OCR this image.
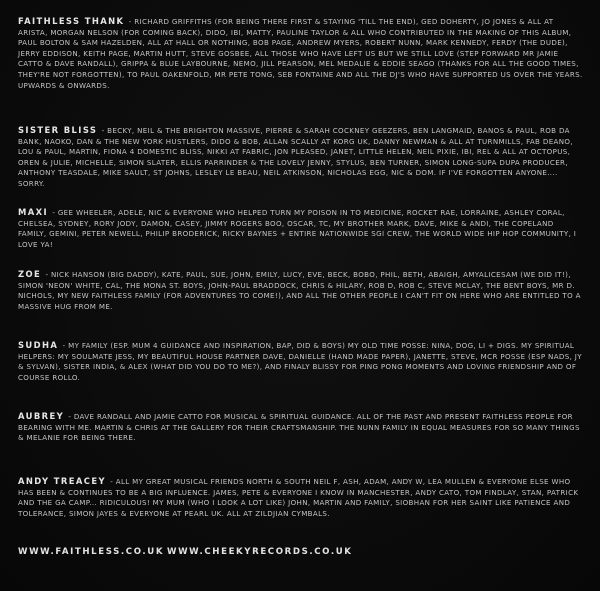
FAITHLESS THANK - RICHARD GRIFFITHS (FOR BEING THERE FIRST & STAYING 'TILL THE END), GED DOHERTY, JO JONES & ALL AT ARISTA, MORGAN NELSON (FOR COMING BACK), DIDO, IBI, MATTY, PAULINE TAYLOR & ALL WHO CONTRIBUTED IN THE MAKING OF THIS ALBUM, PAUL BOLTON & SAM HAZELDEN, ALL AT HALL OR NOTHING, BOB PAGE, ANDREW MYERS, ROBERT NUNN, MARK KENNEDY, FERDY (THE DUDE), JERRY EDDISON, KEITH PAGE, MARTIN HUTT, STEVE GOSBEE, ALL THOSE WHO HAVE LEFT US BUT WE STILL LOVE (STEP FORWARD MR JAMIE CATTO & DAVE RANDALL), GRIPPA & BLUE LAYBOURNE, NEMO, JILL PEARSON, MEL MEDALIE & EDDIE SEAGO (THANKS FOR ALL THE GOOD TIMES, THEY'RE NOT FORGOTTEN), TO PAUL OAKENFOLD, MR PETE TONG, SEB FONTAINE AND ALL THE DJ'S WHO HAVE SUPPORTED US OVER THE YEARS. UPWARDS & ONWARDS.

SISTER BLISS - BECKY, NEIL & THE BRIGHTON MASSIVE, PIERRE & SARAH COCKNEY GEEZERS, BEN LANGMAID, BANOS & PAUL, ROB DA BANK, NAOKO, DAN & THE NEW YORK HUSTLERS, DIDO & BOB, ALLAN SCALLY AT KORG UK, DANNY NEWMAN & ALL AT TURNMILLS, FAB DEANO, LOU & PAUL, MARTIN, FIONA 4 DOMESTIC BLISS, NIKKI AT FABRIC, JON PLEASED, JANET, LITTLE HELEN, NEIL PIXIE, IBI, REL & ALL AT OCTOPUS, OREN & JULIE, MICHELLE, SIMON SLATER, ELLIS PARRINDER & THE LOVELY JENNY, STYLUS, BEN TURNER, SIMON LONG-SUPA DUPA PRODUCER, ANTHONY TEASDALE, MIKE SAULT, ST JOHNS, LESLEY LE BEAU, NEIL ATKINSON, NICHOLAS EGG, NIC & DOM. IF I'VE FORGOTTEN ANYONE.... SORRY.

MAXI - GEE WHEELER, ADELE, NIC & EVERYONE WHO HELPED TURN MY POISON IN TO MEDICINE, ROCKET RAE, LORRAINE, ASHLEY CORAL, CHELSEA, SYDNEY, RORY JODY, DAMON, CASEY, JIMMY ROGERS BOO, OSCAR, TC, MY BROTHER MARK, DAVE, MIKE & ANDI, THE COPELAND FAMILY, GEMINI, PETER NEWELL, PHILIP BRODERICK, RICKY BAYNES + ENTIRE NATIONWIDE SGI CREW, THE WORLD WIDE HIP HOP COMMUNITY, I LOVE YA!

ZOE - NICK HANSON (BIG DADDY), KATE, PAUL, SUE, JOHN, EMILY, LUCY, EVE, BECK, BOBO, PHIL, BETH, ABAIGH, AMYALICESAM (WE DID IT!), SIMON 'NEON' WHITE, CAL, THE MONA ST. BOYS, JOHN-PAUL BRADDOCK, CHRIS & HILARY, ROB D, ROB C, STEVE MCLAY, THE BENT BOYS, MR D. NICHOLS, MY NEW FAITHLESS FAMILY (FOR ADVENTURES TO COME!), AND ALL THE OTHER PEOPLE I CAN'T FIT ON HERE WHO ARE ENTITLED TO A MASSIVE HUG FROM ME.

SUDHA - MY FAMILY (ESP. MUM 4 GUIDANCE AND INSPIRATION, BAP, DID & BOYS) MY OLD TIME POSSE: NINA, DOG, LI + DIGS. MY SPIRITUAL HELPERS: MY SOULMATE JESS, MY BEAUTIFUL HOUSE PARTNER DAVE, DANIELLE (HAND MADE PAPER), JANETTE, STEVE, MCR POSSE (ESP NADS, JY & SYLVAN), SISTER INDIA, & ALEX (WHAT DID YOU DO TO ME?), AND FINALY BLISSY FOR PING PONG MOMENTS AND LOVING FRIENDSHIP AND OF COURSE ROLLO.

AUBREY - DAVE RANDALL AND JAMIE CATTO FOR MUSICAL & SPIRITUAL GUIDANCE. ALL OF THE PAST AND PRESENT FAITHLESS PEOPLE FOR BEARING WITH ME. MARTIN & CHRIS AT THE GALLERY FOR THEIR CRAFTSMANSHIP. THE NUNN FAMILY IN EQUAL MEASURES FOR SO MANY THINGS & MELANIE FOR BEING THERE.

ANDY TREACEY - ALL MY GREAT MUSICAL FRIENDS NORTH & SOUTH NEIL F, ASH, ADAM, ANDY W, LEA MULLEN & EVERYONE ELSE WHO HAS BEEN & CONTINUES TO BE A BIG INFLUENCE. JAMES, PETE & EVERYONE I KNOW IN MANCHESTER, ANDY CATO, TOM FINDLAY, STAN, PATRICK AND THE GA CAMP... RIDICULOUS! MY MUM (WHO I LOOK A LOT LIKE) JOHN, MARTIN AND FAMILY, SIOBHAN FOR HER SAINT LIKE PATIENCE AND TOLERANCE, SIMON JAYES & EVERYONE AT PEARL UK. ALL AT ZILDJIAN CYMBALS.

WWW.FAITHLESS.CO.UK WWW.CHEEKYRECORDS.CO.UK
